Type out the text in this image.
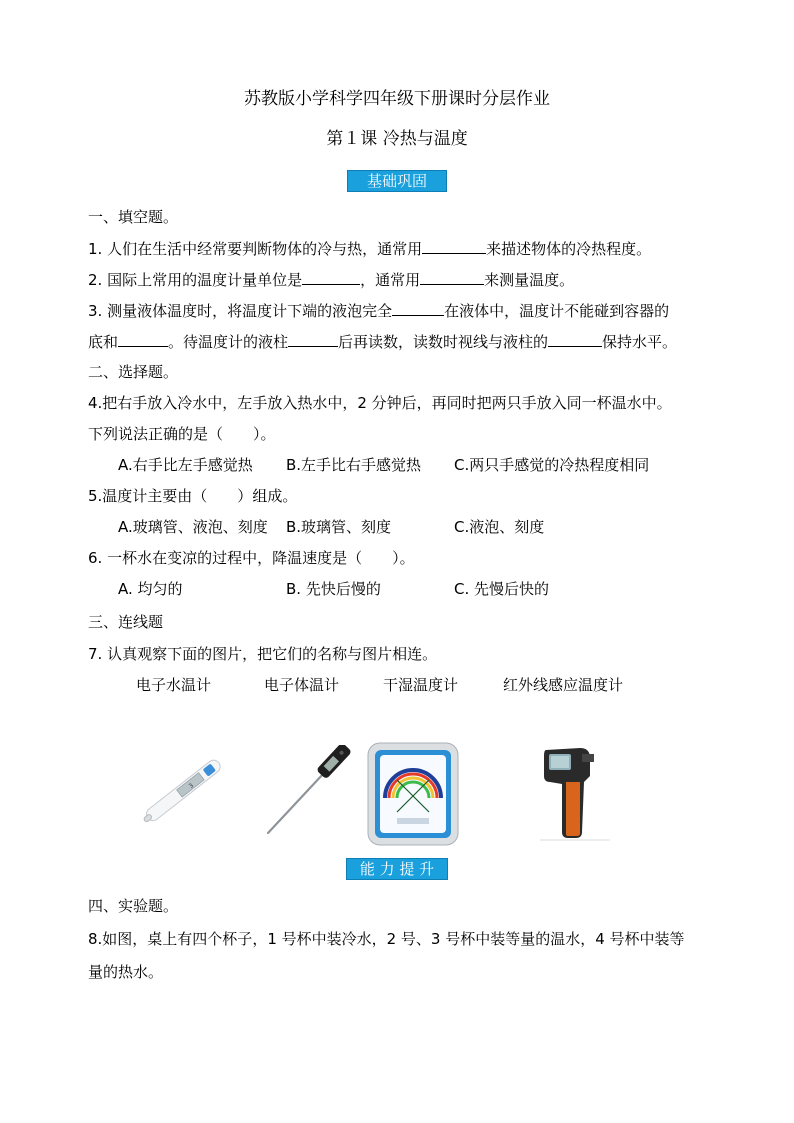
苏教版小学科学四年级下册课时分层作业
第１课 冷热与温度
基础巩固
一、填空题。
1. 人们在生活中经常要判断物体的冷与热，通常用	来描述物体的冷热程度。
2. 国际上常用的温度计量单位是	，通常用	来测量温度。
3. 测量液体温度时，将温度计下端的液泡完全	在液体中，温度计不能碰到容器的
底和	。待温度计的液柱	后再读数，读数时视线与液柱的	保持水平。
二、选择题。
4.把右手放入冷水中，左手放入热水中，2 分钟后，再同时把两只手放入同一杯温水中。
下列说法正确的是（　　）。
A.右手比左手感觉热 B.左手比右手感觉热 C.两只手感觉的冷热程度相同
5.温度计主要由（　　）组成。
A.玻璃管、液泡、刻度 B.玻璃管、刻度	C.液泡、刻度
6. 一杯水在变凉的过程中，降温速度是（　　）。
A. 均匀的	B. 先快后慢的	C. 先慢后快的
三、连线题
7. 认真观察下面的图片，把它们的名称与图片相连。
电子水温计	电子体温计	干湿温度计	红外线感应温度计
3
能 力 提 升
四、实验题。
8.如图，桌上有四个杯子，1 号杯中装冷水，2 号、3 号杯中装等量的温水，4 号杯中装等
量的热水。
